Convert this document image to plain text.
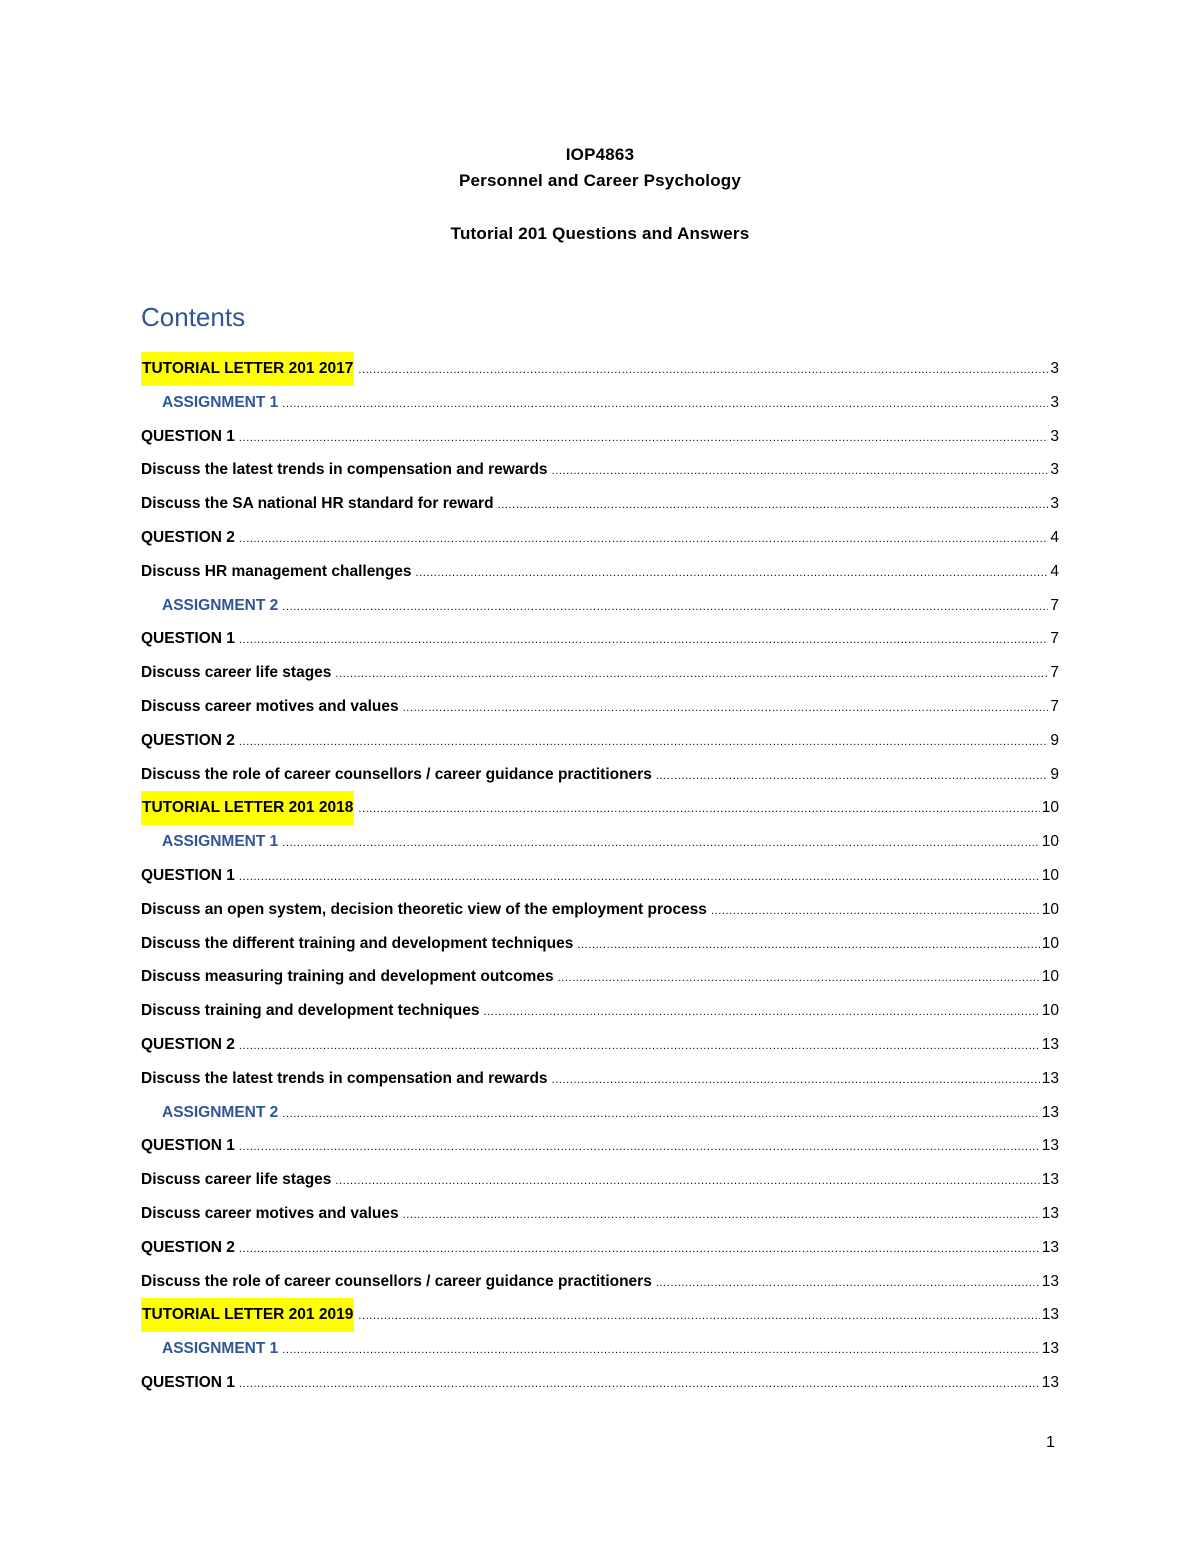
IOP4863
Personnel and Career Psychology
Tutorial 201 Questions and Answers
Contents
TUTORIAL LETTER 201 2017 .....	3
ASSIGNMENT 1 .....	3
QUESTION 1 .....	3
Discuss the latest trends in compensation and rewards .....	3
Discuss the SA national HR standard for reward .....	3
QUESTION 2 .....	4
Discuss HR management challenges .....	4
ASSIGNMENT 2 .....	7
QUESTION 1 .....	7
Discuss career life stages .....	7
Discuss career motives and values .....	7
QUESTION 2 .....	9
Discuss the role of career counsellors / career guidance practitioners .....	9
TUTORIAL LETTER 201 2018 .....	10
ASSIGNMENT 1 .....	10
QUESTION 1 .....	10
Discuss an open system, decision theoretic view of the employment process .....	10
Discuss the different training and development techniques .....	10
Discuss measuring training and development outcomes .....	10
Discuss training and development techniques .....	10
QUESTION 2 .....	13
Discuss the latest trends in compensation and rewards .....	13
ASSIGNMENT 2 .....	13
QUESTION 1 .....	13
Discuss career life stages .....	13
Discuss career motives and values .....	13
QUESTION 2 .....	13
Discuss the role of career counsellors / career guidance practitioners .....	13
TUTORIAL LETTER 201 2019 .....	13
ASSIGNMENT 1 .....	13
QUESTION 1 .....	13
1
